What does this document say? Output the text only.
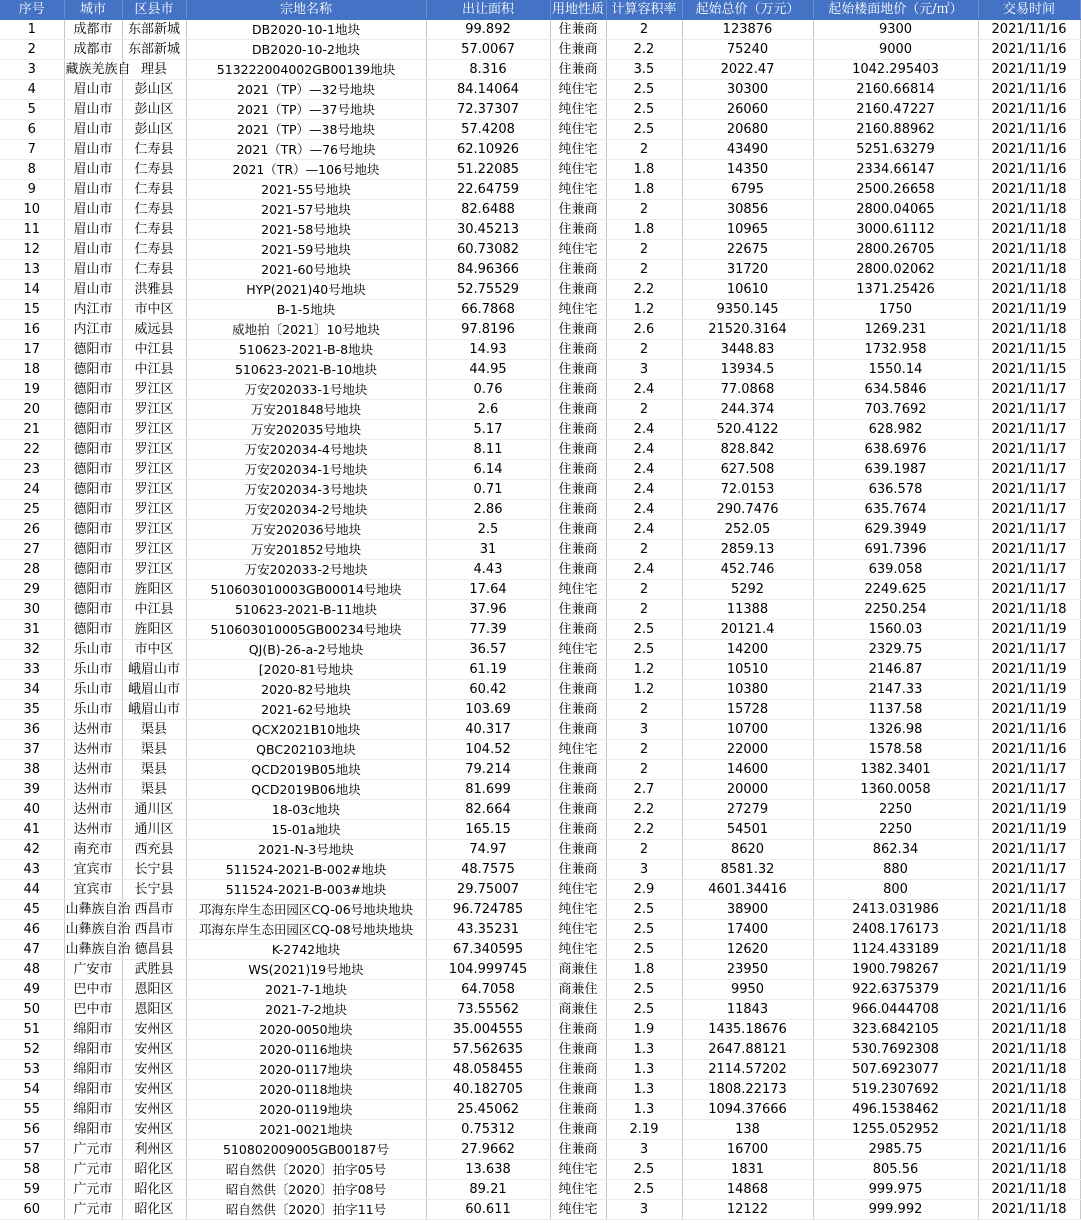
序号	城市	区县市	宗地名称	出让面积	用地性质	计算容积率	起始总价（万元）	起始楼面地价（元/㎡）	交易时间
1	成都市	东部新城	DB2020-10-1地块	99.892	住兼商	2	123876	9300	2021/11/16
2	成都市	东部新城	DB2020-10-2地块	57.0067	住兼商	2.2	75240	9000	2021/11/16
3	藏族羌族自	理县	513222004002GB00139地块	8.316	住兼商	3.5	2022.47	1042.295403	2021/11/19
4	眉山市	彭山区	2021（TP）—32号地块	84.14064	纯住宅	2.5	30300	2160.66814	2021/11/16
5	眉山市	彭山区	2021（TP）—37号地块	72.37307	纯住宅	2.5	26060	2160.47227	2021/11/16
6	眉山市	彭山区	2021（TP）—38号地块	57.4208	纯住宅	2.5	20680	2160.88962	2021/11/16
7	眉山市	仁寿县	2021（TR）—76号地块	62.10926	纯住宅	2	43490	5251.63279	2021/11/16
8	眉山市	仁寿县	2021（TR）—106号地块	51.22085	纯住宅	1.8	14350	2334.66147	2021/11/16
9	眉山市	仁寿县	2021-55号地块	22.64759	纯住宅	1.8	6795	2500.26658	2021/11/18
10	眉山市	仁寿县	2021-57号地块	82.6488	住兼商	2	30856	2800.04065	2021/11/18
11	眉山市	仁寿县	2021-58号地块	30.45213	住兼商	1.8	10965	3000.61112	2021/11/18
12	眉山市	仁寿县	2021-59号地块	60.73082	纯住宅	2	22675	2800.26705	2021/11/18
13	眉山市	仁寿县	2021-60号地块	84.96366	住兼商	2	31720	2800.02062	2021/11/18
14	眉山市	洪雅县	HYP(2021)40号地块	52.75529	住兼商	2.2	10610	1371.25426	2021/11/18
15	内江市	市中区	B-1-5地块	66.7868	纯住宅	1.2	9350.145	1750	2021/11/19
16	内江市	威远县	威地拍〔2021〕10号地块	97.8196	住兼商	2.6	21520.3164	1269.231	2021/11/18
17	德阳市	中江县	510623-2021-B-8地块	14.93	住兼商	2	3448.83	1732.958	2021/11/15
18	德阳市	中江县	510623-2021-B-10地块	44.95	住兼商	3	13934.5	1550.14	2021/11/15
19	德阳市	罗江区	万安202033-1号地块	0.76	住兼商	2.4	77.0868	634.5846	2021/11/17
20	德阳市	罗江区	万安201848号地块	2.6	住兼商	2	244.374	703.7692	2021/11/17
21	德阳市	罗江区	万安202035号地块	5.17	住兼商	2.4	520.4122	628.982	2021/11/17
22	德阳市	罗江区	万安202034-4号地块	8.11	住兼商	2.4	828.842	638.6976	2021/11/17
23	德阳市	罗江区	万安202034-1号地块	6.14	住兼商	2.4	627.508	639.1987	2021/11/17
24	德阳市	罗江区	万安202034-3号地块	0.71	住兼商	2.4	72.0153	636.578	2021/11/17
25	德阳市	罗江区	万安202034-2号地块	2.86	住兼商	2.4	290.7476	635.7674	2021/11/17
26	德阳市	罗江区	万安202036号地块	2.5	住兼商	2.4	252.05	629.3949	2021/11/17
27	德阳市	罗江区	万安201852号地块	31	住兼商	2	2859.13	691.7396	2021/11/17
28	德阳市	罗江区	万安202033-2号地块	4.43	住兼商	2.4	452.746	639.058	2021/11/17
29	德阳市	旌阳区	510603010003GB00014号地块	17.64	纯住宅	2	5292	2249.625	2021/11/17
30	德阳市	中江县	510623-2021-B-11地块	37.96	住兼商	2	11388	2250.254	2021/11/18
31	德阳市	旌阳区	510603010005GB00234号地块	77.39	住兼商	2.5	20121.4	1560.03	2021/11/19
32	乐山市	市中区	QJ(B)-26-a-2号地块	36.57	纯住宅	2.5	14200	2329.75	2021/11/17
33	乐山市	峨眉山市	[2020-81号地块	61.19	住兼商	1.2	10510	2146.87	2021/11/19
34	乐山市	峨眉山市	2020-82号地块	60.42	住兼商	1.2	10380	2147.33	2021/11/19
35	乐山市	峨眉山市	2021-62号地块	103.69	住兼商	2	15728	1137.58	2021/11/19
36	达州市	渠县	QCX2021B10地块	40.317	住兼商	3	10700	1326.98	2021/11/16
37	达州市	渠县	QBC202103地块	104.52	纯住宅	2	22000	1578.58	2021/11/16
38	达州市	渠县	QCD2019B05地块	79.214	住兼商	2	14600	1382.3401	2021/11/17
39	达州市	渠县	QCD2019B06地块	81.699	住兼商	2.7	20000	1360.0058	2021/11/17
40	达州市	通川区	18-03c地块	82.664	住兼商	2.2	27279	2250	2021/11/19
41	达州市	通川区	15-01a地块	165.15	住兼商	2.2	54501	2250	2021/11/19
42	南充市	西充县	2021-N-3号地块	74.97	住兼商	2	8620	862.34	2021/11/17
43	宜宾市	长宁县	511524-2021-B-002#地块	48.7575	住兼商	3	8581.32	880	2021/11/17
44	宜宾市	长宁县	511524-2021-B-003#地块	29.75007	纯住宅	2.9	4601.34416	800	2021/11/17
45	山彝族自治	西昌市	邛海东岸生态田园区CQ-06号地块地块	96.724785	纯住宅	2.5	38900	2413.031986	2021/11/18
46	山彝族自治	西昌市	邛海东岸生态田园区CQ-08号地块地块	43.35231	纯住宅	2.5	17400	2408.176173	2021/11/18
47	山彝族自治	德昌县	K-2742地块	67.340595	纯住宅	2.5	12620	1124.433189	2021/11/18
48	广安市	武胜县	WS(2021)19号地块	104.999745	商兼住	1.8	23950	1900.798267	2021/11/19
49	巴中市	恩阳区	2021-7-1地块	64.7058	商兼住	2.5	9950	922.6375379	2021/11/16
50	巴中市	恩阳区	2021-7-2地块	73.55562	商兼住	2.5	11843	966.0444708	2021/11/16
51	绵阳市	安州区	2020-0050地块	35.004555	住兼商	1.9	1435.18676	323.6842105	2021/11/18
52	绵阳市	安州区	2020-0116地块	57.562635	住兼商	1.3	2647.88121	530.7692308	2021/11/18
53	绵阳市	安州区	2020-0117地块	48.058455	住兼商	1.3	2114.57202	507.6923077	2021/11/18
54	绵阳市	安州区	2020-0118地块	40.182705	住兼商	1.3	1808.22173	519.2307692	2021/11/18
55	绵阳市	安州区	2020-0119地块	25.45062	住兼商	1.3	1094.37666	496.1538462	2021/11/18
56	绵阳市	安州区	2021-0021地块	0.75312	住兼商	2.19	138	1255.052952	2021/11/18
57	广元市	利州区	510802009005GB00187号	27.9662	住兼商	3	16700	2985.75	2021/11/16
58	广元市	昭化区	昭自然供〔2020〕拍字05号	13.638	纯住宅	2.5	1831	805.56	2021/11/18
59	广元市	昭化区	昭自然供〔2020〕拍字08号	89.21	纯住宅	2.5	14868	999.975	2021/11/18
60	广元市	昭化区	昭自然供〔2020〕拍字11号	60.611	纯住宅	3	12122	999.992	2021/11/18
